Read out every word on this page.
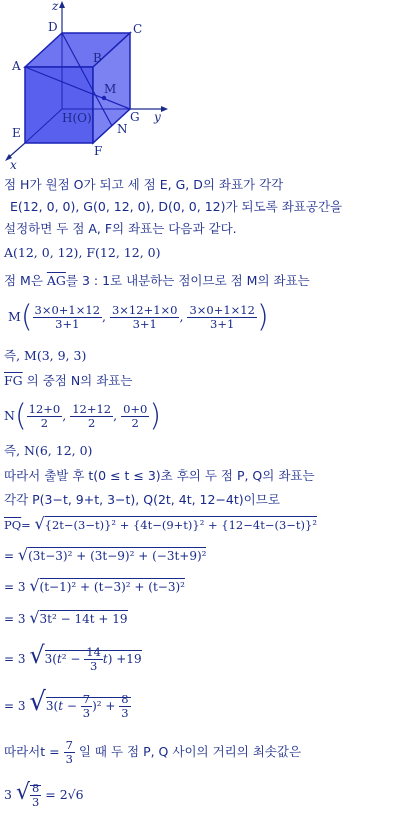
z
y
x
A
B
C
D
E
F
G
H(O)
M
N
점 H가 원점 O가 되고 세 점 E, G, D의 좌표가 각각
E(12, 0, 0), G(0, 12, 0), D(0, 0, 12)가 되도록 좌표공간을
설정하면 두 점 A, F의 좌표는 다음과 같다.
A(12, 0, 12), F(12, 12, 0)
점 M은 $\overline{AG}$를 3 : 1로 내분하는 점이므로 점 M의 좌표는
$M( \frac{3\times 0+1\times 12}{3+1}$ , $\frac{3\times 12+1\times 0}{3+1}$ , $\frac{3\times 0+1\times 12}{3+1}$ )
즉, M(3, 9, 3)
$\overline{FG}$ 의 중점 N의 좌표는
$N( \frac{12+0}{2}$ , $\frac{12+12}{2}$ , $\frac{0+0}{2}$ )
즉, N(6, 12, 0)
따라서 출발 후 t(0 ≤ t ≤ 3)초 후의 두 점 P, Q의 좌표는
각각 P(3−t, 9+t, 3−t), Q(2t, 4t, 12−4t)이므로
$\overline{PQ}= √\{2t-(3-t)\}^2 + \{4t-(9+t)\}^2 + \{12-4t-(3-t)\}^2$
= √(3t−3)² + (3t−9)² + (−3t+9)²
= 3 √(t−1)² + (t−3)² + (t−3)²
= 3 √3t² − 14t + 19
= 3 $√3(t^2 - \frac{14}{3} t) +19$
= 3 $√3(t - \frac{7}{3} )^2 + \frac{8}{3}$
따라서$t = \frac{7}{3}$ 일 때 두 점 P, Q 사이의 거리의 최솟값은
3 √ $\frac{8}{3} = 2√6$
